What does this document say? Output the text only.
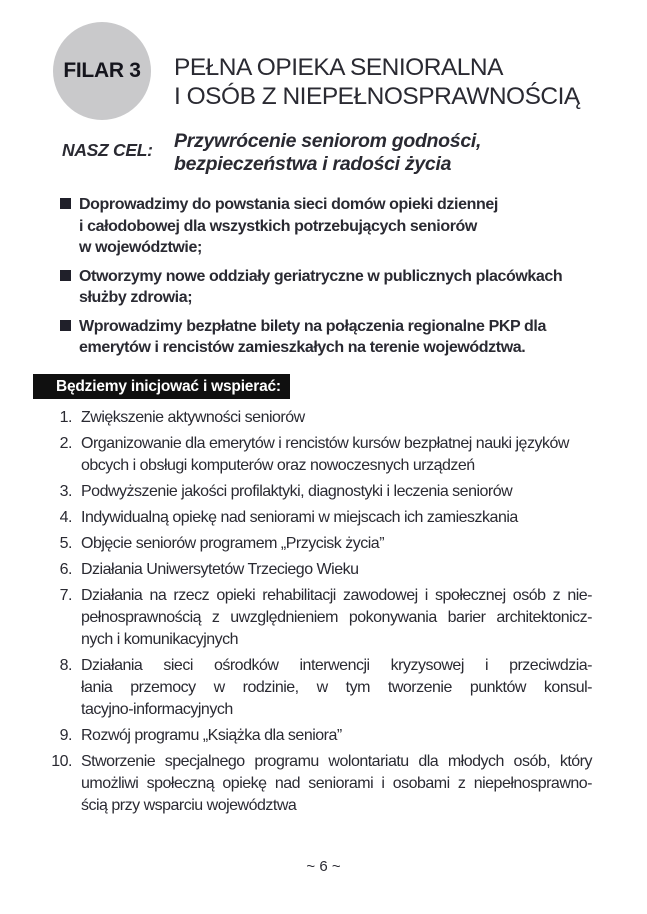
FILAR 3 PEŁNA OPIEKA SENIORALNA
I OSÓB Z NIEPEŁNOSPRAWNOŚCIĄ
NASZ CEL: Przywrócenie seniorom godności,
bezpieczeństwa i radości życia
Doprowadzimy do powstania sieci domów opieki dziennej
i całodobowej dla wszystkich potrzebujących seniorów
w województwie;
Otworzymy nowe oddziały geriatryczne w publicznych placówkach
służby zdrowia;
Wprowadzimy bezpłatne bilety na połączenia regionalne PKP dla
emerytów i rencistów zamieszkałych na terenie województwa.
Będziemy inicjować i wspierać:
1. Zwiększenie aktywności seniorów
2. Organizowanie dla emerytów i rencistów kursów bezpłatnej nauki języków
obcych i obsługi komputerów oraz nowoczesnych urządzeń
3. Podwyższenie jakości profilaktyki, diagnostyki i leczenia seniorów
4. Indywidualną opiekę nad seniorami w miejscach ich zamieszkania
5. Objęcie seniorów programem „Przycisk życia”
6. Działania Uniwersytetów Trzeciego Wieku
7. Działania na rzecz opieki rehabilitacji zawodowej i społecznej osób z nie-
pełnosprawnością z uwzględnieniem pokonywania barier architektonicz-
nych i komunikacyjnych
8. Działania sieci ośrodków interwencji kryzysowej i przeciwdzia-
łania przemocy w rodzinie, w tym tworzenie punktów konsul-
tacyjno-informacyjnych
9. Rozwój programu „Książka dla seniora”
10. Stworzenie specjalnego programu wolontariatu dla młodych osób, który
umożliwi społeczną opiekę nad seniorami i osobami z niepełnosprawno-
ścią przy wsparciu województwa
~ 6 ~
